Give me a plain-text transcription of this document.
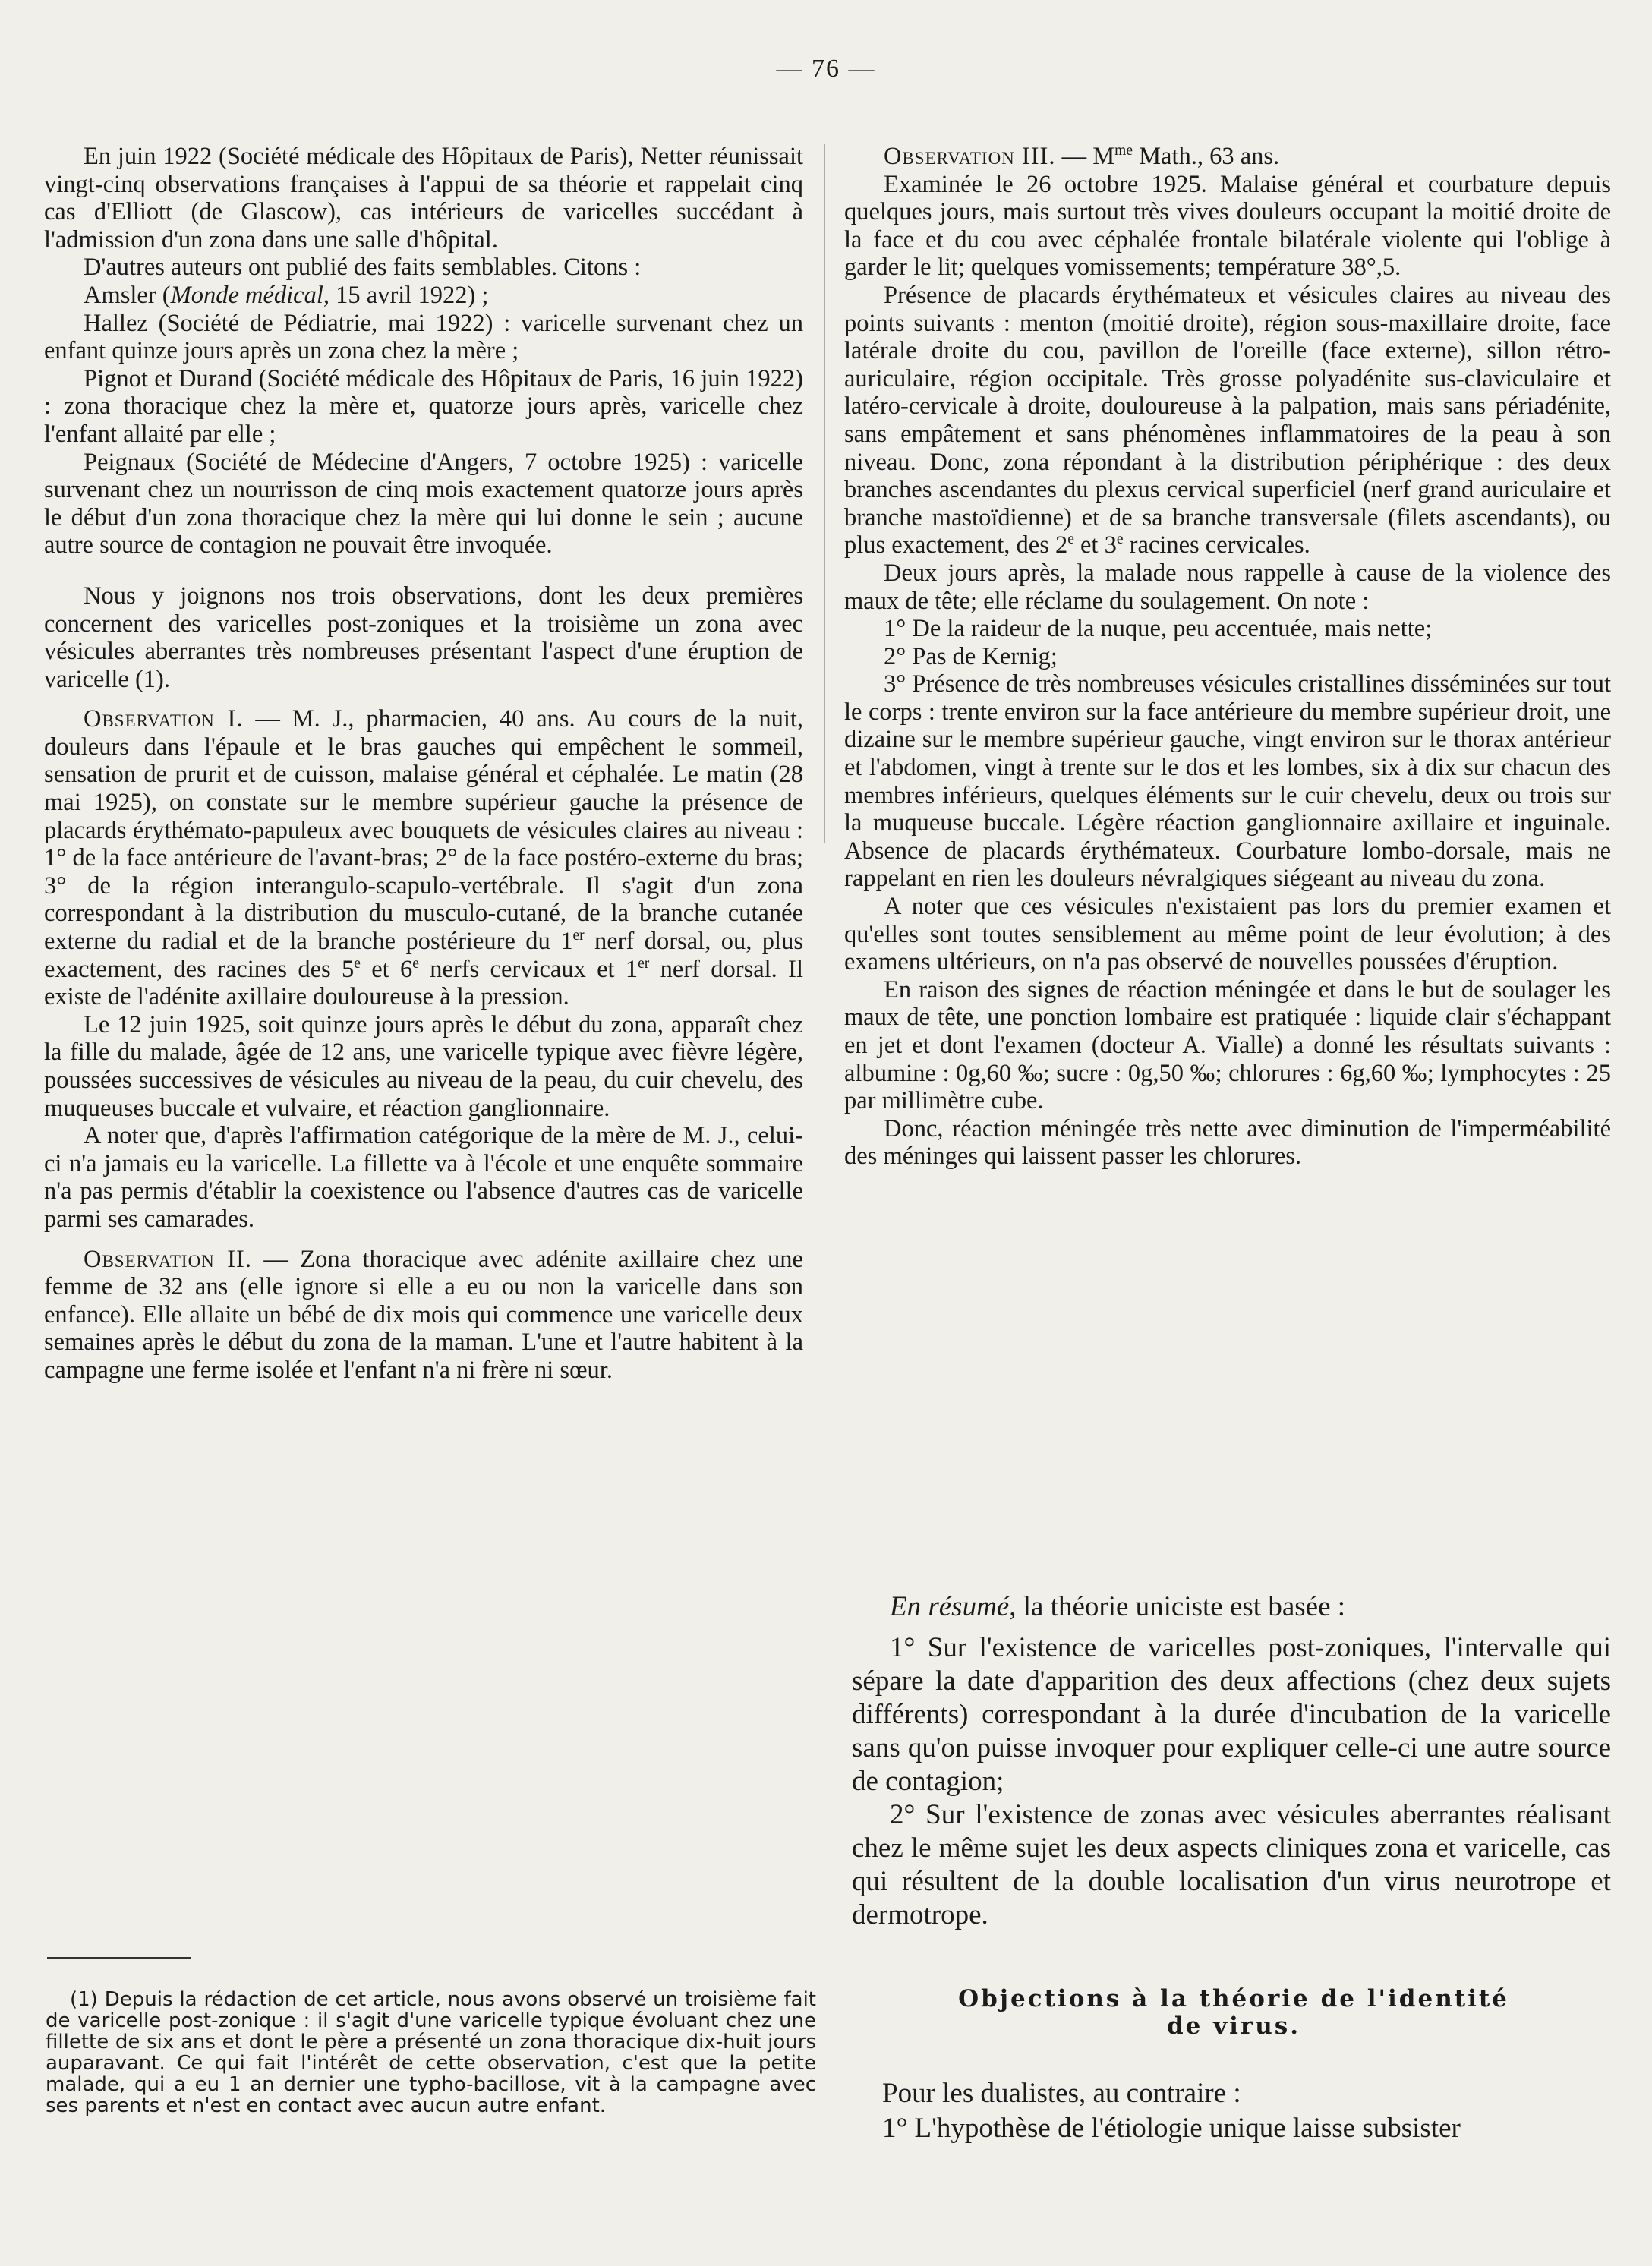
— 76 —

En juin 1922 (Société médicale des Hôpitaux de Paris), Netter réunissait vingt-cinq observations françaises à l'appui de sa théorie et rappelait cinq cas d'Elliott (de Glascow), cas intérieurs de varicelles succédant à l'admission d'un zona dans une salle d'hôpital.

D'autres auteurs ont publié des faits semblables. Citons :

Amsler (Monde médical, 15 avril 1922) ;

Hallez (Société de Pédiatrie, mai 1922) : varicelle survenant chez un enfant quinze jours après un zona chez la mère ;

Pignot et Durand (Société médicale des Hôpitaux de Paris, 16 juin 1922) : zona thoracique chez la mère et, quatorze jours après, varicelle chez l'enfant allaité par elle ;

Peignaux (Société de Médecine d'Angers, 7 octobre 1925) : varicelle survenant chez un nourrisson de cinq mois exactement quatorze jours après le début d'un zona thoracique chez la mère qui lui donne le sein ; aucune autre source de contagion ne pouvait être invoquée.

Nous y joignons nos trois observations, dont les deux premières concernent des varicelles post-zoniques et la troisième un zona avec vésicules aberrantes très nombreuses présentant l'aspect d'une éruption de varicelle (1).

Observation I. — M. J., pharmacien, 40 ans. Au cours de la nuit, douleurs dans l'épaule et le bras gauches qui empêchent le sommeil, sensation de prurit et de cuisson, malaise général et céphalée. Le matin (28 mai 1925), on constate sur le membre supérieur gauche la présence de placards érythémato-papuleux avec bouquets de vésicules claires au niveau : 1° de la face antérieure de l'avant-bras; 2° de la face postéro-externe du bras; 3° de la région interangulo-scapulo-vertébrale. Il s'agit d'un zona correspondant à la distribution du musculo-cutané, de la branche cutanée externe du radial et de la branche postérieure du 1er nerf dorsal, ou, plus exactement, des racines des 5e et 6e nerfs cervicaux et 1er nerf dorsal. Il existe de l'adénite axillaire douloureuse à la pression.

Le 12 juin 1925, soit quinze jours après le début du zona, apparaît chez la fille du malade, âgée de 12 ans, une varicelle typique avec fièvre légère, poussées successives de vésicules au niveau de la peau, du cuir chevelu, des muqueuses buccale et vulvaire, et réaction ganglionnaire.

A noter que, d'après l'affirmation catégorique de la mère de M. J., celui-ci n'a jamais eu la varicelle. La fillette va à l'école et une enquête sommaire n'a pas permis d'établir la coexistence ou l'absence d'autres cas de varicelle parmi ses camarades.

Observation II. — Zona thoracique avec adénite axillaire chez une femme de 32 ans (elle ignore si elle a eu ou non la varicelle dans son enfance). Elle allaite un bébé de dix mois qui commence une varicelle deux semaines après le début du zona de la maman. L'une et l'autre habitent à la campagne une ferme isolée et l'enfant n'a ni frère ni sœur.

(1) Depuis la rédaction de cet article, nous avons observé un troisième fait de varicelle post-zonique : il s'agit d'une varicelle typique évoluant chez une fillette de six ans et dont le père a présenté un zona thoracique dix-huit jours auparavant. Ce qui fait l'intérêt de cette observation, c'est que la petite malade, qui a eu 1 an dernier une typho-bacillose, vit à la campagne avec ses parents et n'est en contact avec aucun autre enfant.

Observation III. — $M^{me}$ Math., 63 ans.

Examinée le 26 octobre 1925. Malaise général et courbature depuis quelques jours, mais surtout très vives douleurs occupant la moitié droite de la face et du cou avec céphalée frontale bilatérale violente qui l'oblige à garder le lit; quelques vomissements; température 38°,5.

Présence de placards érythémateux et vésicules claires au niveau des points suivants : menton (moitié droite), région sous-maxillaire droite, face latérale droite du cou, pavillon de l'oreille (face externe), sillon rétro-auriculaire, région occipitale. Très grosse polyadénite sus-claviculaire et latéro-cervicale à droite, douloureuse à la palpation, mais sans périadénite, sans empâtement et sans phénomènes inflammatoires de la peau à son niveau. Donc, zona répondant à la distribution périphérique : des deux branches ascendantes du plexus cervical superficiel (nerf grand auriculaire et branche mastoïdienne) et de sa branche transversale (filets ascendants), ou plus exactement, des 2e et 3e racines cervicales.

Deux jours après, la malade nous rappelle à cause de la violence des maux de tête; elle réclame du soulagement. On note :

1° De la raideur de la nuque, peu accentuée, mais nette;

2° Pas de Kernig;

3° Présence de très nombreuses vésicules cristallines disséminées sur tout le corps : trente environ sur la face antérieure du membre supérieur droit, une dizaine sur le membre supérieur gauche, vingt environ sur le thorax antérieur et l'abdomen, vingt à trente sur le dos et les lombes, six à dix sur chacun des membres inférieurs, quelques éléments sur le cuir chevelu, deux ou trois sur la muqueuse buccale. Légère réaction ganglionnaire axillaire et inguinale. Absence de placards érythémateux. Courbature lombo-dorsale, mais ne rappelant en rien les douleurs névralgiques siégeant au niveau du zona.

A noter que ces vésicules n'existaient pas lors du premier examen et qu'elles sont toutes sensiblement au même point de leur évolution; à des examens ultérieurs, on n'a pas observé de nouvelles poussées d'éruption.

En raison des signes de réaction méningée et dans le but de soulager les maux de tête, une ponction lombaire est pratiquée : liquide clair s'échappant en jet et dont l'examen (docteur A. Vialle) a donné les résultats suivants : albumine : 0g,60 ‰; sucre : 0g,50 ‰; chlorures : 6g,60 ‰; lymphocytes : 25 par millimètre cube.

Donc, réaction méningée très nette avec diminution de l'imperméabilité des méninges qui laissent passer les chlorures.

En résumé, la théorie uniciste est basée :

1° Sur l'existence de varicelles post-zoniques, l'intervalle qui sépare la date d'apparition des deux affections (chez deux sujets différents) correspondant à la durée d'incubation de la varicelle sans qu'on puisse invoquer pour expliquer celle-ci une autre source de contagion;

2° Sur l'existence de zonas avec vésicules aberrantes réalisant chez le même sujet les deux aspects cliniques zona et varicelle, cas qui résultent de la double localisation d'un virus neurotrope et dermotrope.

Objections à la théorie de l'identité
de virus.

Pour les dualistes, au contraire :

1° L'hypothèse de l'étiologie unique laisse subsister
